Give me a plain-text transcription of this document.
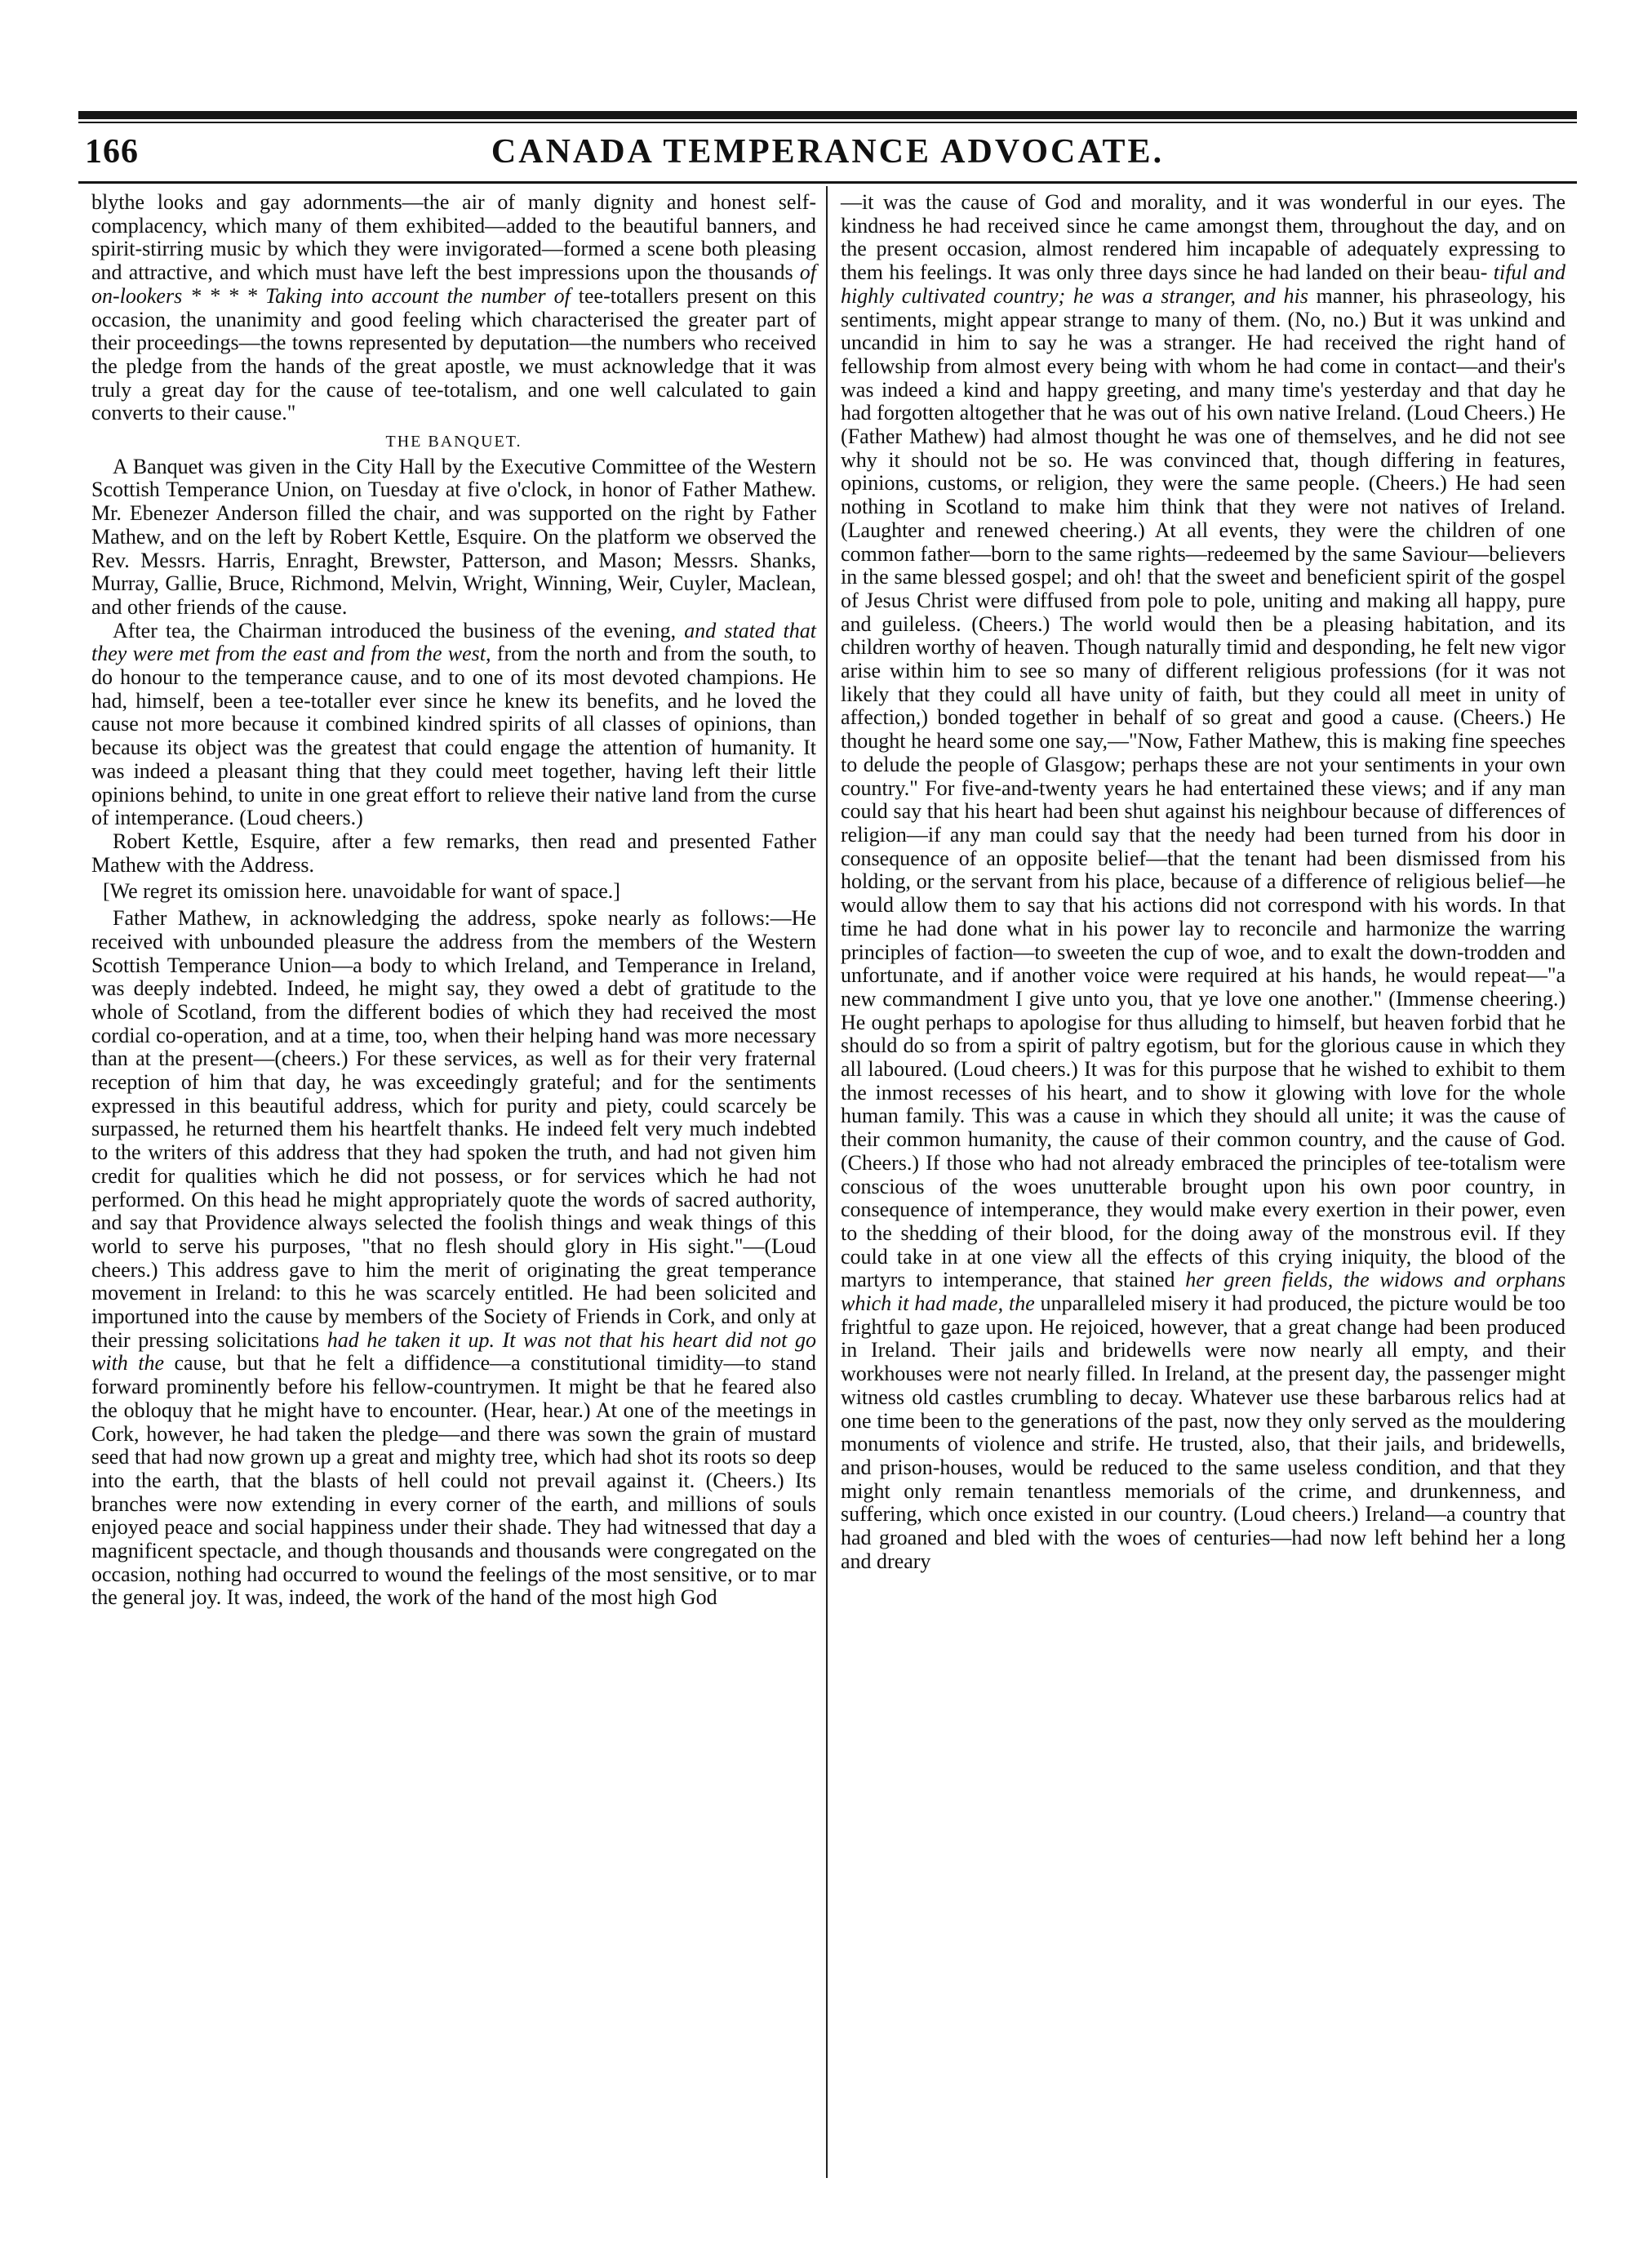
166	CANADA TEMPERANCE ADVOCATE.

blythe looks and gay adornments—the air of manly dignity and honest self-complacency, which many of them exhibited—added to the beautiful banners, and spirit-stirring music by which they were invigorated—formed a scene both pleasing and attractive, and which must have left the best impressions upon the thousands of on-lookers * * * * Taking into account the number of tee-totallers present on this occasion, the unanimity and good feeling which characterised the greater part of their proceedings—the towns represented by deputation—the numbers who received the pledge from the hands of the great apostle, we must acknowledge that it was truly a great day for the cause of tee-totalism, and one well calculated to gain converts to their cause."

THE BANQUET.

A Banquet was given in the City Hall by the Executive Committee of the Western Scottish Temperance Union, on Tuesday at five o'clock, in honor of Father Mathew. Mr. Ebenezer Anderson filled the chair, and was supported on the right by Father Mathew, and on the left by Robert Kettle, Esquire. On the platform we observed the Rev. Messrs. Harris, Enraght, Brewster, Patterson, and Mason; Messrs. Shanks, Murray, Gallie, Bruce, Richmond, Melvin, Wright, Winning, Weir, Cuyler, Maclean, and other friends of the cause.

After tea, the Chairman introduced the business of the evening, and stated that they were met from the east and from the west, from the north and from the south, to do honour to the temperance cause, and to one of its most devoted champions. He had, himself, been a tee-totaller ever since he knew its benefits, and he loved the cause not more because it combined kindred spirits of all classes of opinions, than because its object was the greatest that could engage the attention of humanity. It was indeed a pleasant thing that they could meet together, having left their little opinions behind, to unite in one great effort to relieve their native land from the curse of intemperance. (Loud cheers.)

Robert Kettle, Esquire, after a few remarks, then read and presented Father Mathew with the Address.

[We regret its omission here. unavoidable for want of space.]

Father Mathew, in acknowledging the address, spoke nearly as follows:—He received with unbounded pleasure the address from the members of the Western Scottish Temperance Union—a body to which Ireland, and Temperance in Ireland, was deeply indebted. Indeed, he might say, they owed a debt of gratitude to the whole of Scotland, from the different bodies of which they had received the most cordial co-operation, and at a time, too, when their helping hand was more necessary than at the present—(cheers.) For these services, as well as for their very fraternal reception of him that day, he was exceedingly grateful; and for the sentiments expressed in this beautiful address, which for purity and piety, could scarcely be surpassed, he returned them his heartfelt thanks. He indeed felt very much indebted to the writers of this address that they had spoken the truth, and had not given him credit for qualities which he did not possess, or for services which he had not performed. On this head he might appropriately quote the words of sacred authority, and say that Providence always selected the foolish things and weak things of this world to serve his purposes, "that no flesh should glory in His sight."—(Loud cheers.) This address gave to him the merit of originating the great temperance movement in Ireland: to this he was scarcely entitled. He had been solicited and importuned into the cause by members of the Society of Friends in Cork, and only at their pressing solicitations had he taken it up. It was not that his heart did not go with the cause, but that he felt a diffidence—a constitutional timidity—to stand forward prominently before his fellow-countrymen. It might be that he feared also the obloquy that he might have to encounter. (Hear, hear.) At one of the meetings in Cork, however, he had taken the pledge—and there was sown the grain of mustard seed that had now grown up a great and mighty tree, which had shot its roots so deep into the earth, that the blasts of hell could not prevail against it. (Cheers.) Its branches were now extending in every corner of the earth, and millions of souls enjoyed peace and social happiness under their shade. They had witnessed that day a magnificent spectacle, and though thousands and thousands were congregated on the occasion, nothing had occurred to wound the feelings of the most sensitive, or to mar the general joy. It was, indeed, the work of the hand of the most high God

—it was the cause of God and morality, and it was wonderful in our eyes. The kindness he had received since he came amongst them, throughout the day, and on the present occasion, almost rendered him incapable of adequately expressing to them his feelings. It was only three days since he had landed on their beau- tiful and highly cultivated country; he was a stranger, and his manner, his phraseology, his sentiments, might appear strange to many of them. (No, no.) But it was unkind and uncandid in him to say he was a stranger. He had received the right hand of fellowship from almost every being with whom he had come in contact—and their's was indeed a kind and happy greeting, and many time's yesterday and that day he had forgotten altogether that he was out of his own native Ireland. (Loud Cheers.) He (Father Mathew) had almost thought he was one of themselves, and he did not see why it should not be so. He was convinced that, though differing in features, opinions, customs, or religion, they were the same people. (Cheers.) He had seen nothing in Scotland to make him think that they were not natives of Ireland. (Laughter and renewed cheering.) At all events, they were the children of one common father—born to the same rights—redeemed by the same Saviour—believers in the same blessed gospel; and oh! that the sweet and beneficient spirit of the gospel of Jesus Christ were diffused from pole to pole, uniting and making all happy, pure and guileless. (Cheers.) The world would then be a pleasing habitation, and its children worthy of heaven. Though naturally timid and desponding, he felt new vigor arise within him to see so many of different religious professions (for it was not likely that they could all have unity of faith, but they could all meet in unity of affection,) bonded together in behalf of so great and good a cause. (Cheers.) He thought he heard some one say,—"Now, Father Mathew, this is making fine speeches to delude the people of Glasgow; perhaps these are not your sentiments in your own country." For five-and-twenty years he had entertained these views; and if any man could say that his heart had been shut against his neighbour because of differences of religion—if any man could say that the needy had been turned from his door in consequence of an opposite belief—that the tenant had been dismissed from his holding, or the servant from his place, because of a difference of religious belief—he would allow them to say that his actions did not correspond with his words. In that time he had done what in his power lay to reconcile and harmonize the warring principles of faction—to sweeten the cup of woe, and to exalt the down-trodden and unfortunate, and if another voice were required at his hands, he would repeat—"a new commandment I give unto you, that ye love one another." (Immense cheering.) He ought perhaps to apologise for thus alluding to himself, but heaven forbid that he should do so from a spirit of paltry egotism, but for the glorious cause in which they all laboured. (Loud cheers.) It was for this purpose that he wished to exhibit to them the inmost recesses of his heart, and to show it glowing with love for the whole human family. This was a cause in which they should all unite; it was the cause of their common humanity, the cause of their common country, and the cause of God. (Cheers.) If those who had not already embraced the principles of tee-totalism were conscious of the woes unutterable brought upon his own poor country, in consequence of intemperance, they would make every exertion in their power, even to the shedding of their blood, for the doing away of the monstrous evil. If they could take in at one view all the effects of this crying iniquity, the blood of the martyrs to intemperance, that stained her green fields, the widows and orphans which it had made, the unparalleled misery it had produced, the picture would be too frightful to gaze upon. He rejoiced, however, that a great change had been produced in Ireland. Their jails and bridewells were now nearly all empty, and their workhouses were not nearly filled. In Ireland, at the present day, the passenger might witness old castles crumbling to decay. Whatever use these barbarous relics had at one time been to the generations of the past, now they only served as the mouldering monuments of violence and strife. He trusted, also, that their jails, and bridewells, and prison-houses, would be reduced to the same useless condition, and that they might only remain tenantless memorials of the crime, and drunkenness, and suffering, which once existed in our country. (Loud cheers.) Ireland—a country that had groaned and bled with the woes of centuries—had now left behind her a long and dreary
